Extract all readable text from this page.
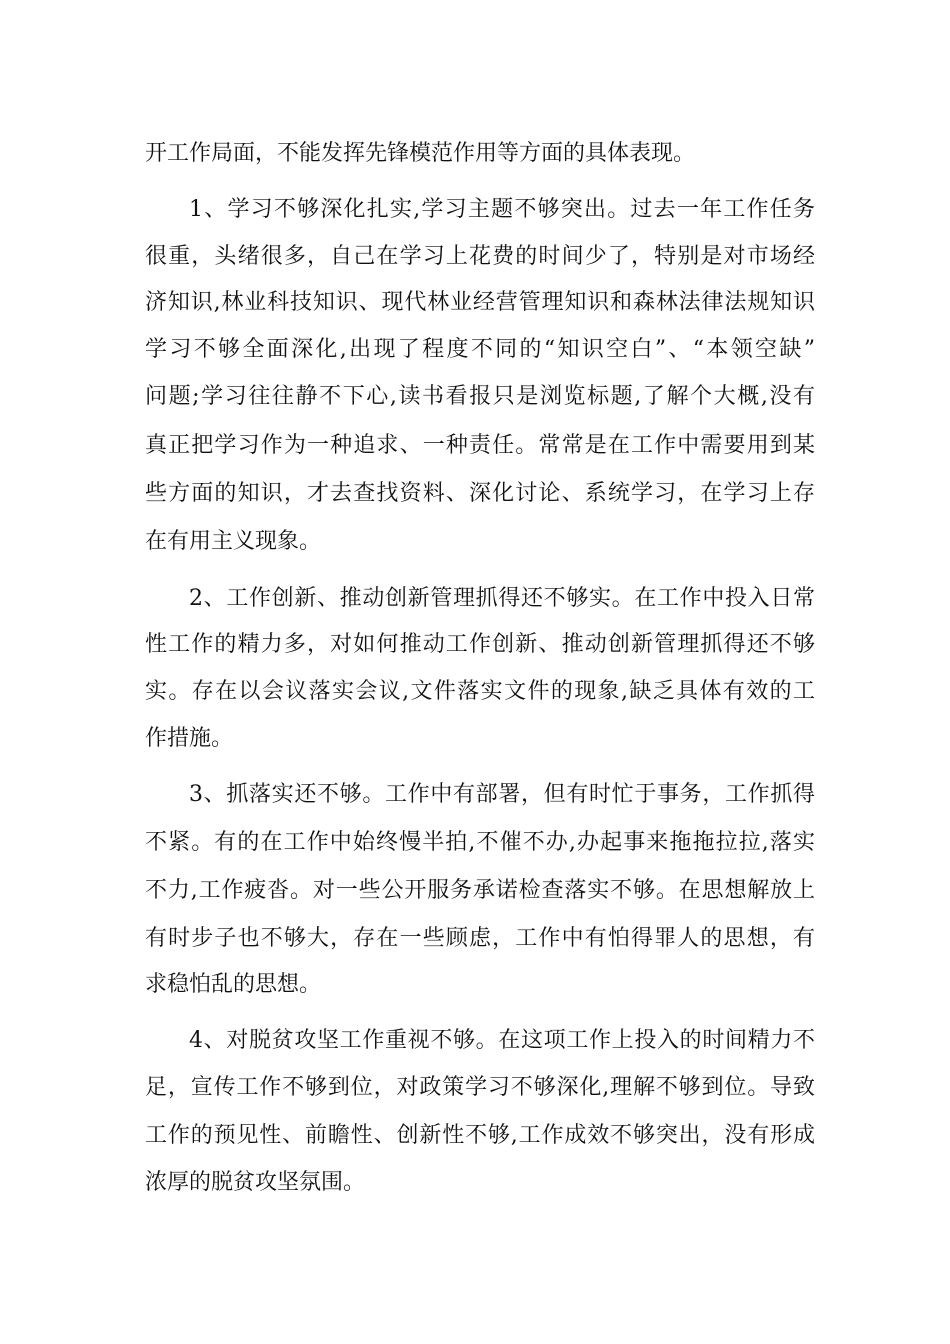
开工作局面，不能发挥先锋模范作用等方面的具体表现。
1、学习不够深化扎实,学习主题不够突出。过去一年工作任务
很重，头绪很多，自己在学习上花费的时间少了，特别是对市场经
济知识,林业科技知识、现代林业经营管理知识和森林法律法规知识
学习不够全面深化,出现了程度不同的“知识空白”、“本领空缺”
问题;学习往往静不下心,读书看报只是浏览标题,了解个大概,没有
真正把学习作为一种追求、一种责任。常常是在工作中需要用到某
些方面的知识，才去查找资料、深化讨论、系统学习，在学习上存
在有用主义现象。
2、工作创新、推动创新管理抓得还不够实。在工作中投入日常
性工作的精力多，对如何推动工作创新、推动创新管理抓得还不够
实。存在以会议落实会议,文件落实文件的现象,缺乏具体有效的工
作措施。
3、抓落实还不够。工作中有部署，但有时忙于事务，工作抓得
不紧。有的在工作中始终慢半拍,不催不办,办起事来拖拖拉拉,落实
不力,工作疲沓。对一些公开服务承诺检查落实不够。在思想解放上
有时步子也不够大，存在一些顾虑，工作中有怕得罪人的思想，有
求稳怕乱的思想。
4、对脱贫攻坚工作重视不够。在这项工作上投入的时间精力不
足，宣传工作不够到位，对政策学习不够深化,理解不够到位。导致
工作的预见性、前瞻性、创新性不够,工作成效不够突出，没有形成
浓厚的脱贫攻坚氛围。
